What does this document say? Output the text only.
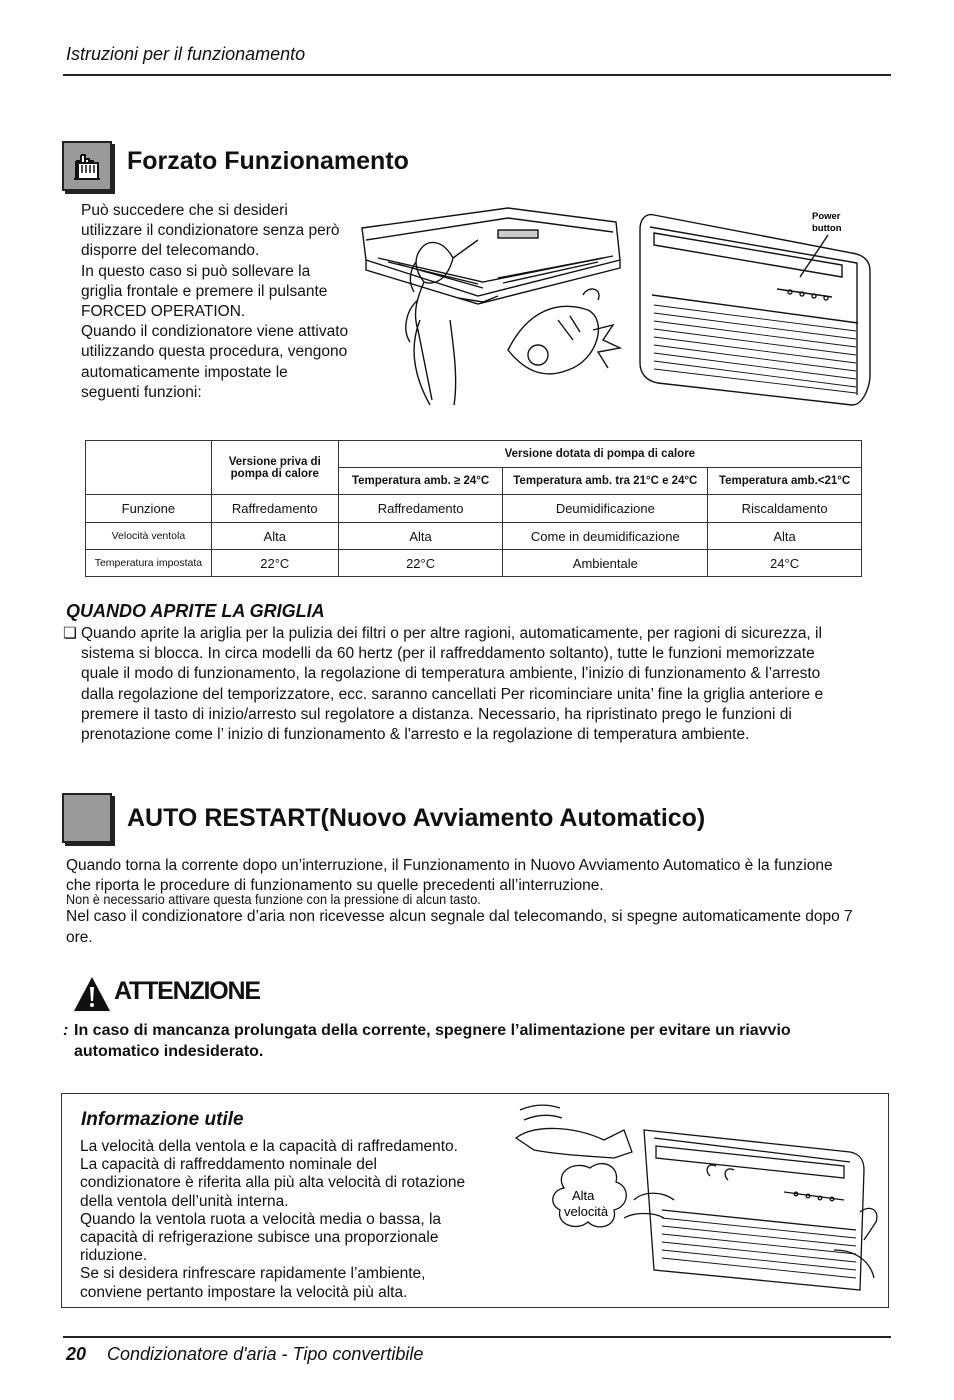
Istruzioni per il funzionamento
Forzato Funzionamento
Può succedere che si desideri
utilizzare il condizionatore senza però
disporre del telecomando.
In questo caso si può sollevare la
griglia frontale e premere il pulsante
FORCED OPERATION.
Quando il condizionatore viene attivato
utilizzando questa procedura, vengono
automaticamente impostate le
seguenti funzioni:
Power
button

	Versione priva di
pompa di calore	Versione dotata di pompa di calore		
		Temperatura amb. ≥ 24°C	Temperatura amb. tra 21°C e 24°C	Temperatura amb.<21°C
Funzione	Raffredamento	Raffredamento	Deumidificazione	Riscaldamento
Velocità ventola	Alta	Alta	Come in deumidificazione	Alta
Temperatura impostata	22°C	22°C	Ambientale	24°C
QUANDO APRITE LA GRIGLIA
❏ Quando aprite la ariglia per la pulizia dei filtri o per altre ragioni, automaticamente, per ragioni di sicurezza, il
sistema si blocca. In circa modelli da 60 hertz (per il raffreddamento soltanto), tutte le funzioni memorizzate
quale il modo di funzionamento, la regolazione di temperatura ambiente, l’inizio di funzionamento & l’arresto
dalla regolazione del temporizzatore, ecc. saranno cancellati Per ricominciare unita’ fine la griglia anteriore e
premere il tasto di inizio/arresto sul regolatore a distanza. Necessario, ha ripristinato prego le funzioni di
prenotazione come l’ inizio di funzionamento & l'arresto e la regolazione di temperatura ambiente.
AUTO RESTART(Nuovo Avviamento Automatico)
Quando torna la corrente dopo un’interruzione, il Funzionamento in Nuovo Avviamento Automatico è la funzione
che riporta le procedure di funzionamento su quelle precedenti all’interruzione.
Non è necessario attivare questa funzione con la pressione di alcun tasto.
Nel caso il condizionatore d’aria non ricevesse alcun segnale dal telecomando, si spegne automaticamente dopo 7
ore.
ATTENZIONE
: In caso di mancanza prolungata della corrente, spegnere l’alimentazione per evitare un riavvio
automatico indesiderato.
Informazione utile
La velocità della ventola e la capacità di raffredamento.
La capacità di raffreddamento nominale del
condizionatore è riferita alla più alta velocità di rotazione
della ventola dell’unità interna.
Quando la ventola ruota a velocità media o bassa, la
capacità di refrigerazione subisce una proporzionale
riduzione.
Se si desidera rinfrescare rapidamente l’ambiente,
conviene pertanto impostare la velocità più alta.
Alta
velocità
20 Condizionatore d'aria - Tipo convertibile
